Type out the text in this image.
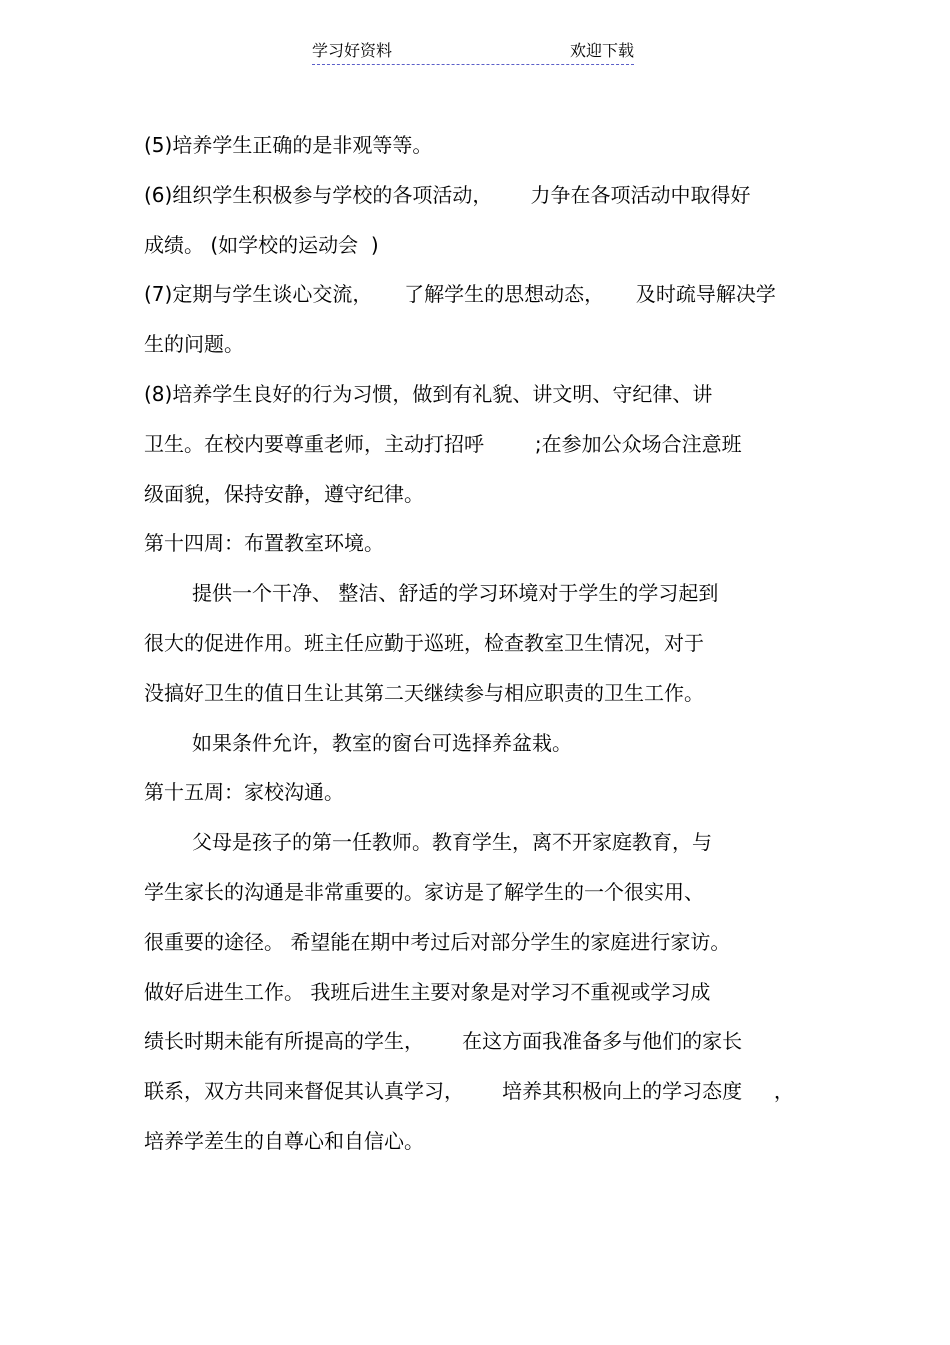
学习好资料	欢迎下载
(5)培养学生正确的是非观等等。
(6)组织学生积极参与学校的各项活动，      力争在各项活动中取得好
成绩。 (如学校的运动会  )
(7)定期与学生谈心交流，     了解学生的思想动态，     及时疏导解决学
生的问题。
(8)培养学生良好的行为习惯，做到有礼貌、讲文明、守纪律、讲
卫生。在校内要尊重老师，主动打招呼        ;在参加公众场合注意班
级面貌，保持安静，遵守纪律。
第十四周：布置教室环境。
提供一个干净、 整洁、舒适的学习环境对于学生的学习起到
很大的促进作用。班主任应勤于巡班，检查教室卫生情况，对于
没搞好卫生的值日生让其第二天继续参与相应职责的卫生工作。
如果条件允许，教室的窗台可选择养盆栽。
第十五周：家校沟通。
父母是孩子的第一任教师。教育学生，离不开家庭教育，与
学生家长的沟通是非常重要的。家访是了解学生的一个很实用、
很重要的途径。 希望能在期中考过后对部分学生的家庭进行家访。
做好后进生工作。 我班后进生主要对象是对学习不重视或学习成
绩长时期未能有所提高的学生，      在这方面我准备多与他们的家长
联系，双方共同来督促其认真学习，      培养其积极向上的学习态度     ，
培养学差生的自尊心和自信心。
